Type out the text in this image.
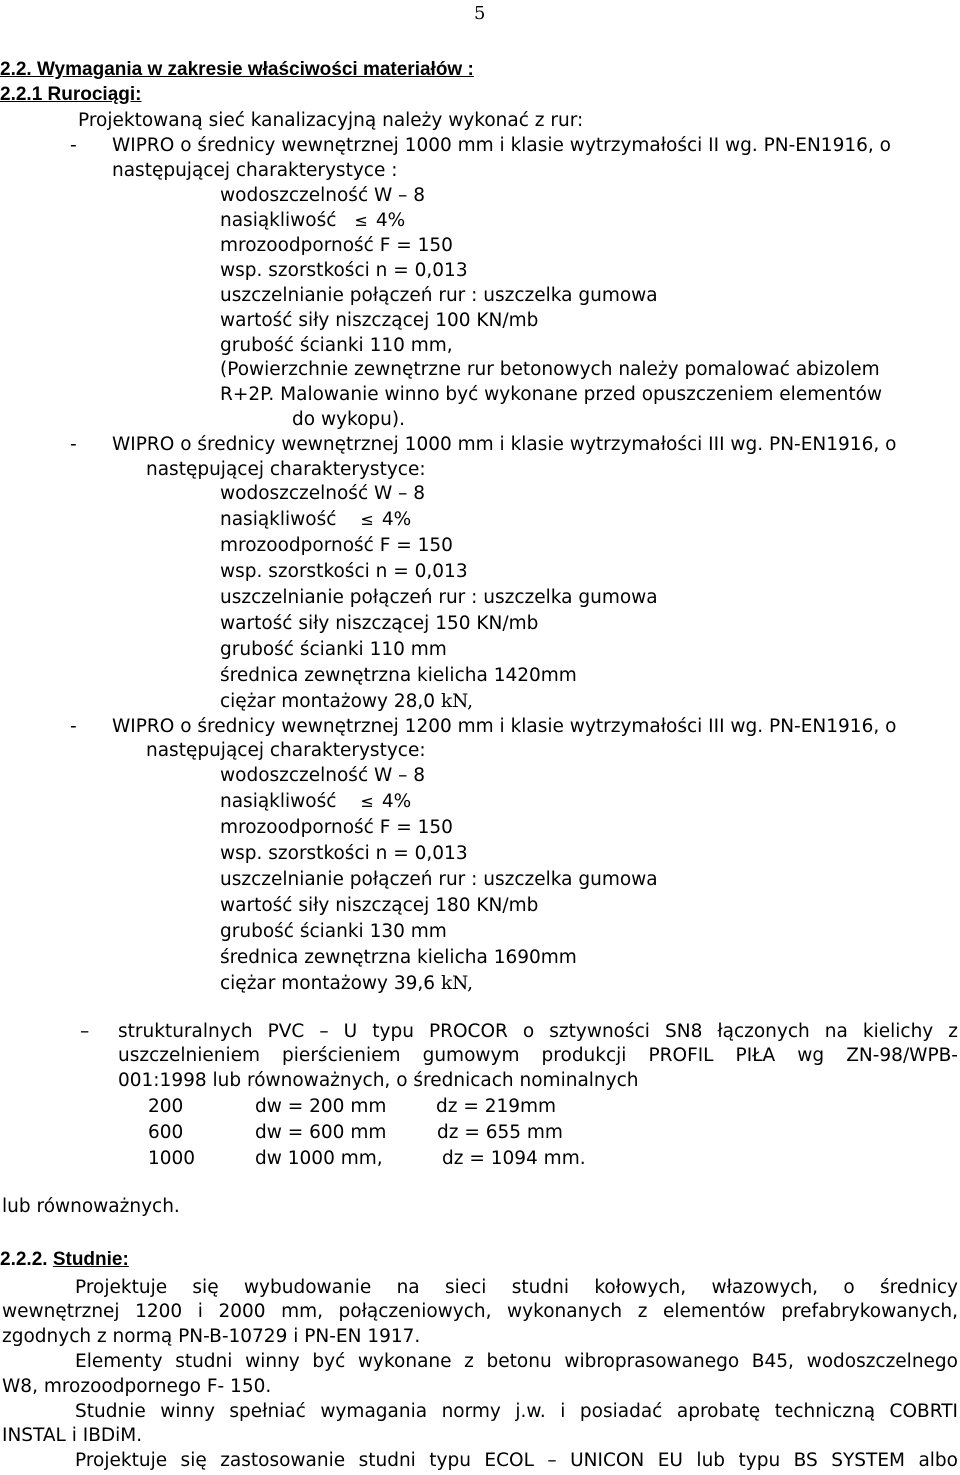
5
2.2. Wymagania w zakresie właściwości materiałów :
2.2.1 Rurociągi:
Projektowaną sieć kanalizacyjną należy wykonać z rur:
- WIPRO o średnicy wewnętrznej 1000 mm i klasie wytrzymałości II wg. PN-EN1916, o
następującej charakterystyce :
wodoszczelność W – 8
nasiąkliwość ≤ 4%
mrozoodporność F = 150
wsp. szorstkości n = 0,013
uszczelnianie połączeń rur : uszczelka gumowa
wartość siły niszczącej 100 KN/mb
grubość ścianki 110 mm,
(Powierzchnie zewnętrzne rur betonowych należy pomalować abizolem
R+2P. Malowanie winno być wykonane przed opuszczeniem elementów
do wykopu).
- WIPRO o średnicy wewnętrznej 1000 mm i klasie wytrzymałości III wg. PN-EN1916, o
następującej charakterystyce:
wodoszczelność W – 8
nasiąkliwość ≤ 4%
mrozoodporność F = 150
wsp. szorstkości n = 0,013
uszczelnianie połączeń rur : uszczelka gumowa
wartość siły niszczącej 150 KN/mb
grubość ścianki 110 mm
średnica zewnętrzna kielicha 1420mm
ciężar montażowy 28,0 kN,
- WIPRO o średnicy wewnętrznej 1200 mm i klasie wytrzymałości III wg. PN-EN1916, o
następującej charakterystyce:
wodoszczelność W – 8
nasiąkliwość ≤ 4%
mrozoodporność F = 150
wsp. szorstkości n = 0,013
uszczelnianie połączeń rur : uszczelka gumowa
wartość siły niszczącej 180 KN/mb
grubość ścianki 130 mm
średnica zewnętrzna kielicha 1690mm
ciężar montażowy 39,6 kN,
– strukturalnych PVC – U typu PROCOR o sztywności SN8 łączonych na kielichy z
uszczelnieniem pierścieniem gumowym produkcji PROFIL PIŁA wg ZN-98/WPB-
001:1998 lub równoważnych, o średnicach nominalnych
200	dw = 200 mm	dz = 219mm
600	dw = 600 mm	dz = 655 mm
1000	dw 1000 mm,	dz = 1094 mm.
lub równoważnych.
2.2.2. Studnie:
Projektuje się wybudowanie na sieci studni kołowych, włazowych, o średnicy
wewnętrznej 1200 i 2000 mm, połączeniowych, wykonanych z elementów prefabrykowanych,
zgodnych z normą PN-B-10729 i PN-EN 1917.
Elementy studni winny być wykonane z betonu wibroprasowanego B45, wodoszczelnego
W8, mrozoodpornego F- 150.
Studnie winny spełniać wymagania normy j.w. i posiadać aprobatę techniczną COBRTI
INSTAL i IBDiM.
Projektuje się zastosowanie studni typu ECOL – UNICON EU lub typu BS SYSTEM albo
